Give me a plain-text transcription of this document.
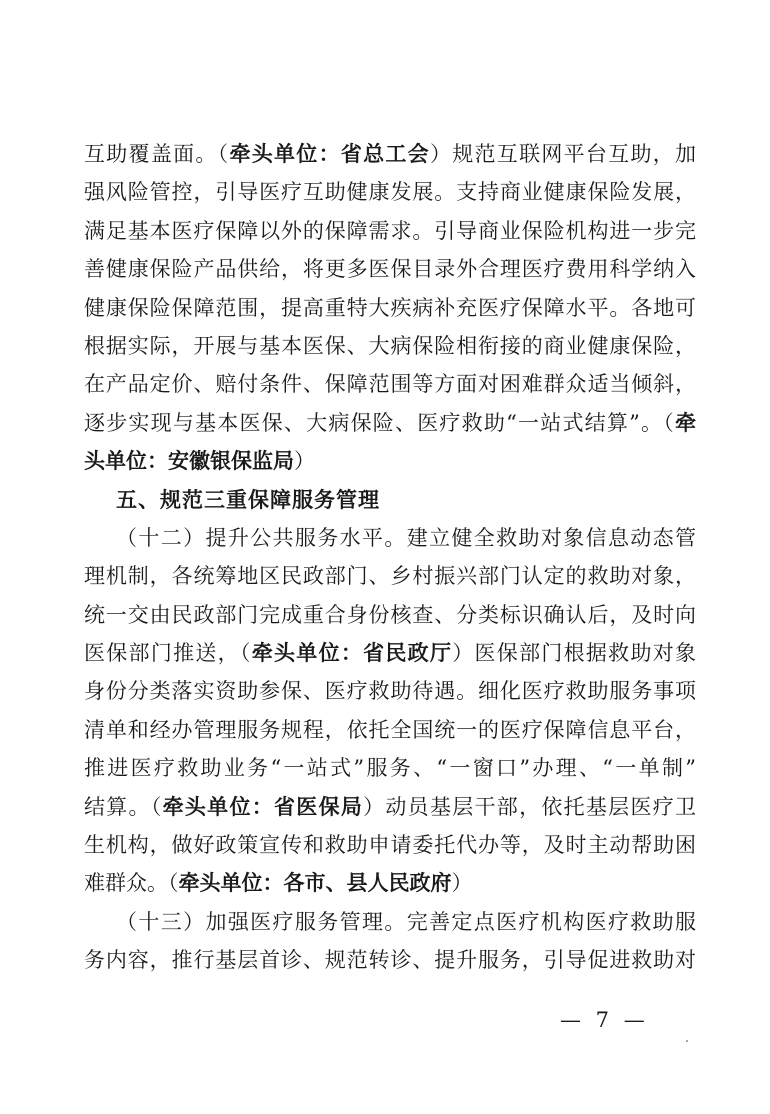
互助覆盖面。（牵头单位：省总工会）规范互联网平台互助，加
强风险管控，引导医疗互助健康发展。支持商业健康保险发展，
满足基本医疗保障以外的保障需求。引导商业保险机构进一步完
善健康保险产品供给，将更多医保目录外合理医疗费用科学纳入
健康保险保障范围，提高重特大疾病补充医疗保障水平。各地可
根据实际，开展与基本医保、大病保险相衔接的商业健康保险，
在产品定价、赔付条件、保障范围等方面对困难群众适当倾斜，
逐步实现与基本医保、大病保险、医疗救助“一站式结算”。（牵
头单位：安徽银保监局）
五、规范三重保障服务管理
（十二）提升公共服务水平。建立健全救助对象信息动态管
理机制，各统筹地区民政部门、乡村振兴部门认定的救助对象，
统一交由民政部门完成重合身份核查、分类标识确认后，及时向
医保部门推送，（牵头单位：省民政厅）医保部门根据救助对象
身份分类落实资助参保、医疗救助待遇。细化医疗救助服务事项
清单和经办管理服务规程，依托全国统一的医疗保障信息平台，
推进医疗救助业务“一站式”服务、“一窗口”办理、“一单制”
结算。（牵头单位：省医保局）动员基层干部，依托基层医疗卫
生机构，做好政策宣传和救助申请委托代办等，及时主动帮助困
难群众。（牵头单位：各市、县人民政府）
（十三）加强医疗服务管理。完善定点医疗机构医疗救助服
务内容，推行基层首诊、规范转诊、提升服务，引导促进救助对
— 7 —
